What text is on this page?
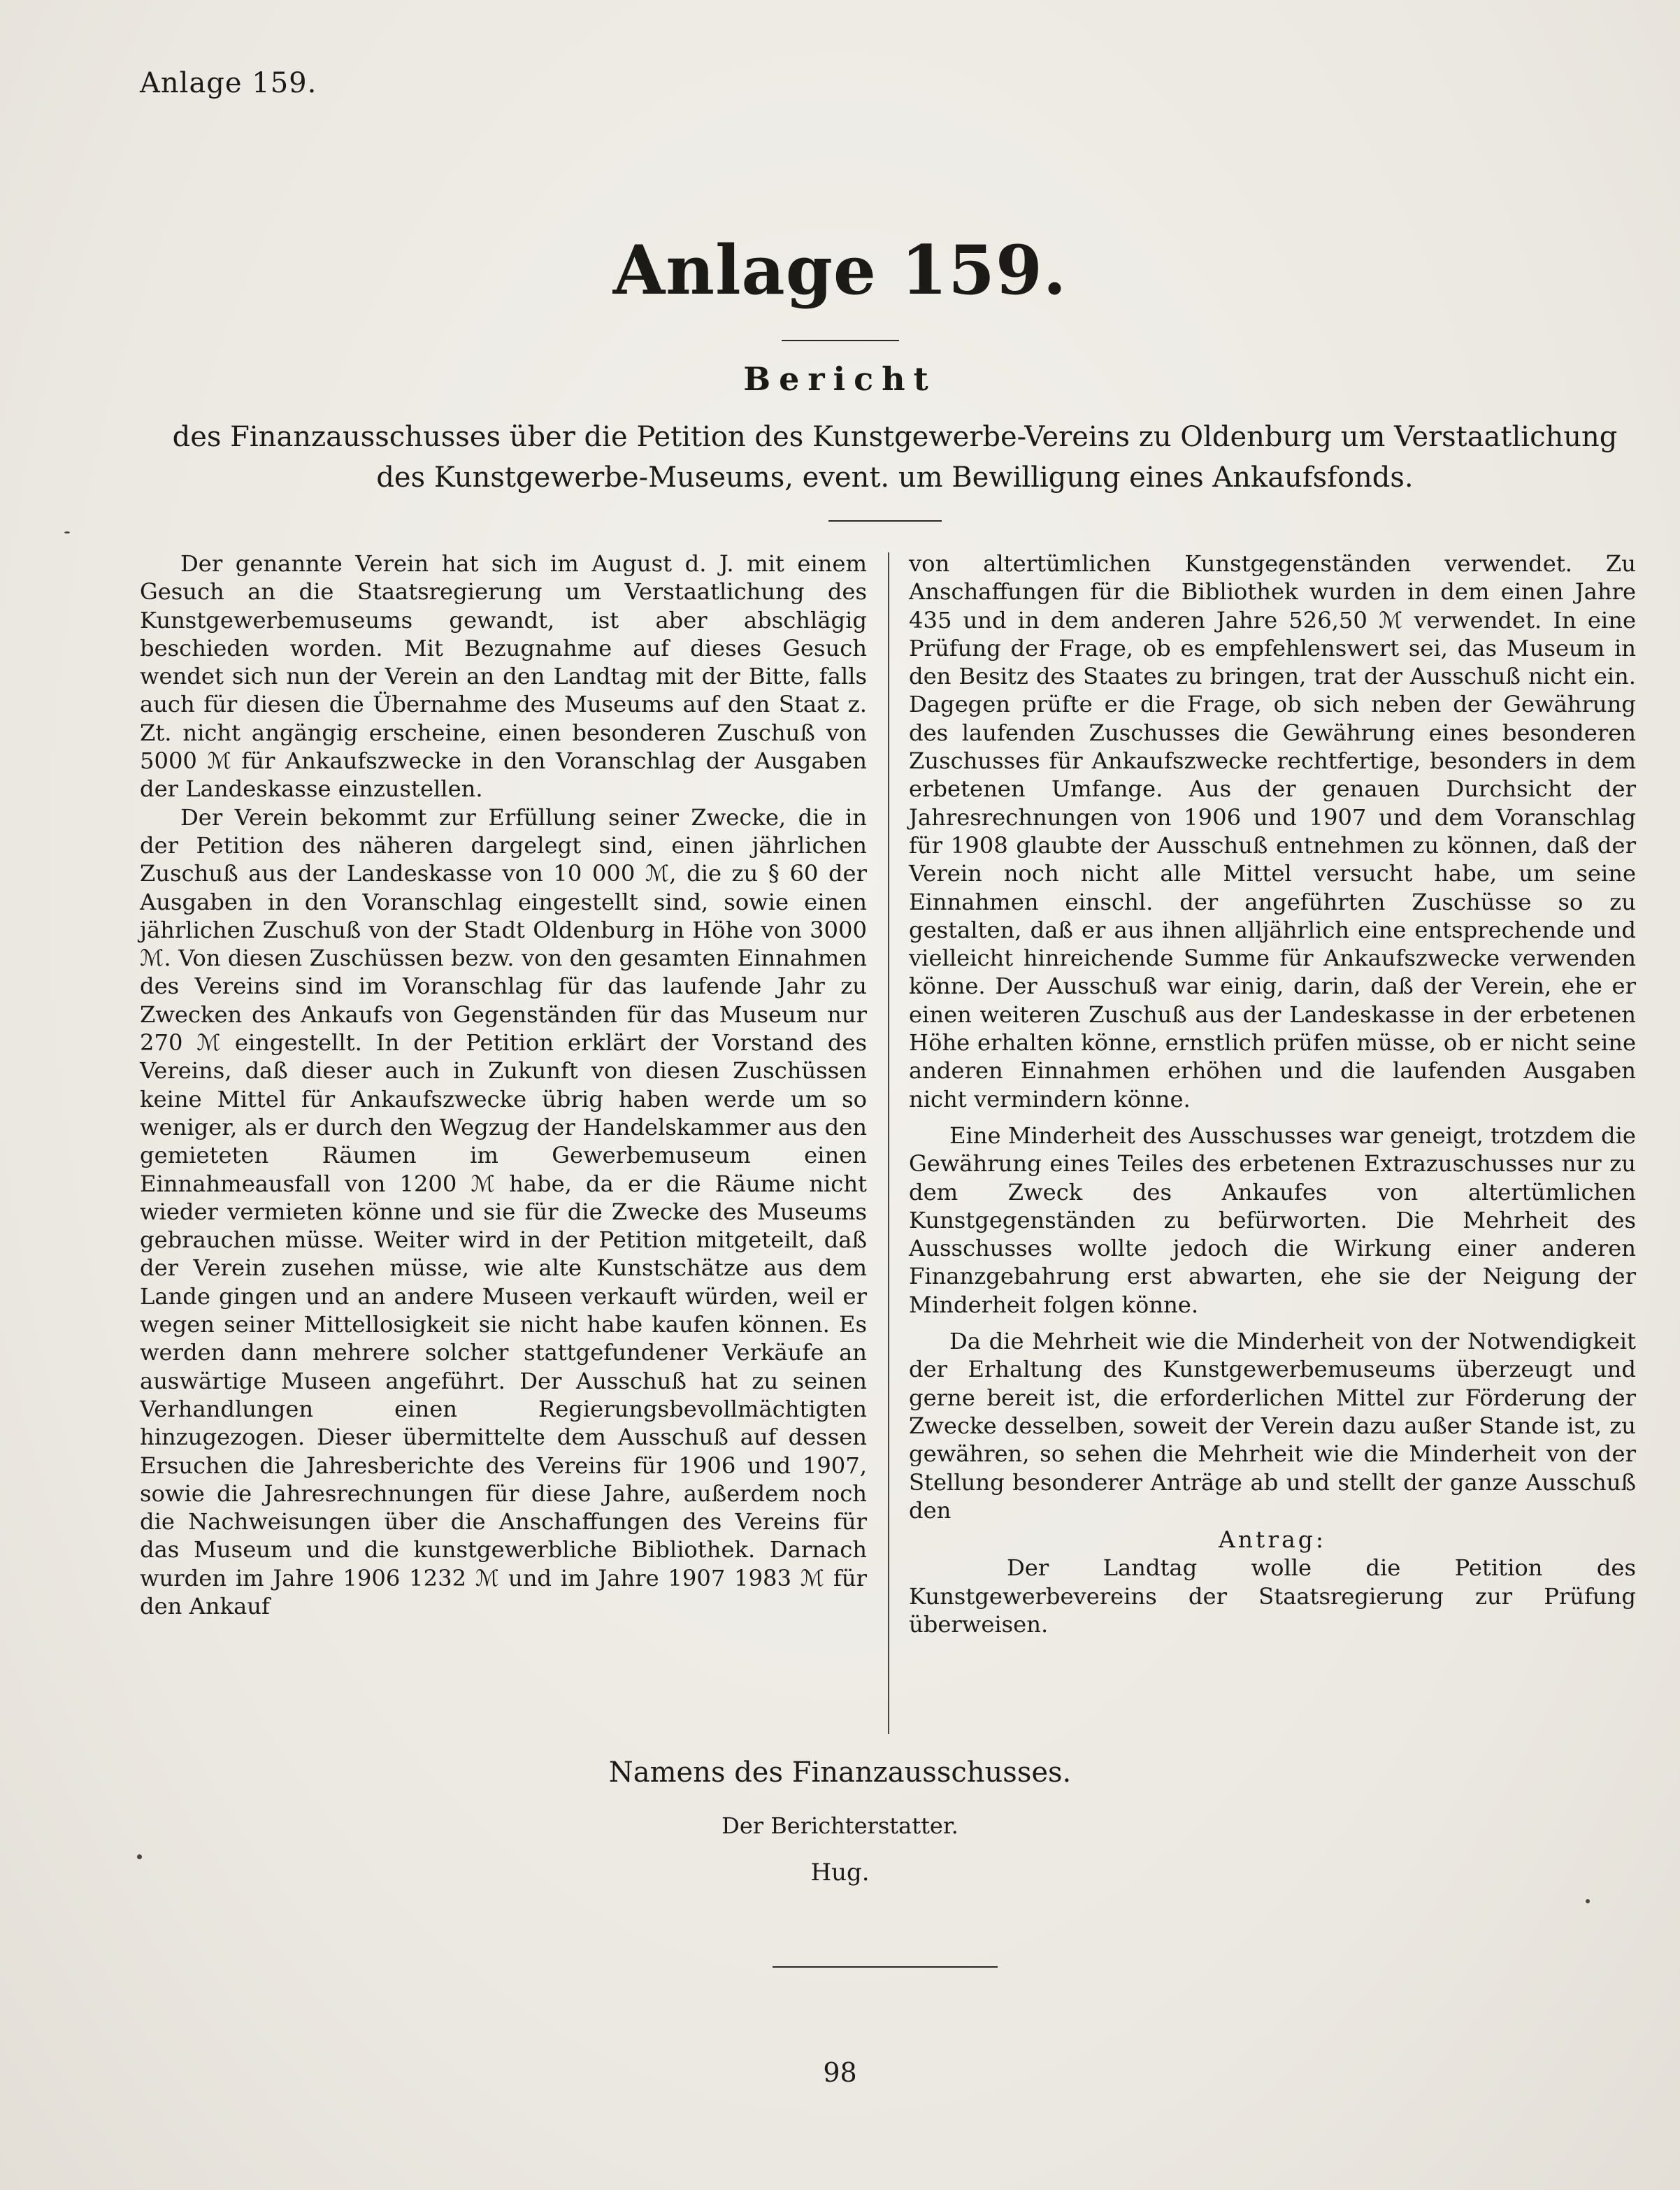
Anlage 159.

Anlage 159.
Bericht
des Finanzausschusses über die Petition des Kunstgewerbe-Vereins zu Oldenburg um Verstaatlichung
des Kunstgewerbe-Museums, event. um Bewilligung eines Ankaufsfonds.

Der genannte Verein hat sich im August d. J. mit einem Gesuch an die Staatsregierung um Verstaatlichung des Kunstgewerbemuseums gewandt, ist aber abschlägig beschieden worden. Mit Bezugnahme auf dieses Gesuch wendet sich nun der Verein an den Landtag mit der Bitte, falls auch für diesen die Übernahme des Museums auf den Staat z. Zt. nicht angängig erscheine, einen besonderen Zuschuß von 5000 ℳ für Ankaufszwecke in den Voranschlag der Ausgaben der Landeskasse einzustellen.

Der Verein bekommt zur Erfüllung seiner Zwecke, die in der Petition des näheren dargelegt sind, einen jährlichen Zuschuß aus der Landeskasse von 10 000 ℳ, die zu § 60 der Ausgaben in den Voranschlag eingestellt sind, sowie einen jährlichen Zuschuß von der Stadt Oldenburg in Höhe von 3000 ℳ. Von diesen Zuschüssen bezw. von den gesamten Einnahmen des Vereins sind im Voranschlag für das laufende Jahr zu Zwecken des Ankaufs von Gegenständen für das Museum nur 270 ℳ eingestellt. In der Petition erklärt der Vorstand des Vereins, daß dieser auch in Zukunft von diesen Zuschüssen keine Mittel für Ankaufszwecke übrig haben werde um so weniger, als er durch den Wegzug der Handelskammer aus den gemieteten Räumen im Gewerbemuseum einen Einnahmeausfall von 1200 ℳ habe, da er die Räume nicht wieder vermieten könne und sie für die Zwecke des Museums gebrauchen müsse. Weiter wird in der Petition mitgeteilt, daß der Verein zusehen müsse, wie alte Kunstschätze aus dem Lande gingen und an andere Museen verkauft würden, weil er wegen seiner Mittellosigkeit sie nicht habe kaufen können. Es werden dann mehrere solcher stattgefundener Verkäufe an auswärtige Museen angeführt. Der Ausschuß hat zu seinen Verhandlungen einen Regierungsbevollmächtigten hinzugezogen. Dieser übermittelte dem Ausschuß auf dessen Ersuchen die Jahresberichte des Vereins für 1906 und 1907, sowie die Jahresrechnungen für diese Jahre, außerdem noch die Nachweisungen über die Anschaffungen des Vereins für das Museum und die kunstgewerbliche Bibliothek. Darnach wurden im Jahre 1906 1232 ℳ und im Jahre 1907 1983 ℳ für den Ankauf

von altertümlichen Kunstgegenständen verwendet. Zu Anschaffungen für die Bibliothek wurden in dem einen Jahre 435 und in dem anderen Jahre 526,50 ℳ verwendet. In eine Prüfung der Frage, ob es empfehlenswert sei, das Museum in den Besitz des Staates zu bringen, trat der Ausschuß nicht ein. Dagegen prüfte er die Frage, ob sich neben der Gewährung des laufenden Zuschusses die Gewährung eines besonderen Zuschusses für Ankaufszwecke rechtfertige, besonders in dem erbetenen Umfange. Aus der genauen Durchsicht der Jahresrechnungen von 1906 und 1907 und dem Voranschlag für 1908 glaubte der Ausschuß entnehmen zu können, daß der Verein noch nicht alle Mittel versucht habe, um seine Einnahmen einschl. der angeführten Zuschüsse so zu gestalten, daß er aus ihnen alljährlich eine entsprechende und vielleicht hinreichende Summe für Ankaufszwecke verwenden könne. Der Ausschuß war einig, darin, daß der Verein, ehe er einen weiteren Zuschuß aus der Landeskasse in der erbetenen Höhe erhalten könne, ernstlich prüfen müsse, ob er nicht seine anderen Einnahmen erhöhen und die laufenden Ausgaben nicht vermindern könne.

Eine Minderheit des Ausschusses war geneigt, trotzdem die Gewährung eines Teiles des erbetenen Extrazuschusses nur zu dem Zweck des Ankaufes von altertümlichen Kunstgegenständen zu befürworten. Die Mehrheit des Ausschusses wollte jedoch die Wirkung einer anderen Finanzgebahrung erst abwarten, ehe sie der Neigung der Minderheit folgen könne.

Da die Mehrheit wie die Minderheit von der Notwendigkeit der Erhaltung des Kunstgewerbemuseums überzeugt und gerne bereit ist, die erforderlichen Mittel zur Förderung der Zwecke desselben, soweit der Verein dazu außer Stande ist, zu gewähren, so sehen die Mehrheit wie die Minderheit von der Stellung besonderer Anträge ab und stellt der ganze Ausschuß den

Antrag:

Der Landtag wolle die Petition des Kunstgewerbevereins der Staatsregierung zur Prüfung überweisen.

Namens des Finanzausschusses.

Der Berichterstatter.

Hug.

98
